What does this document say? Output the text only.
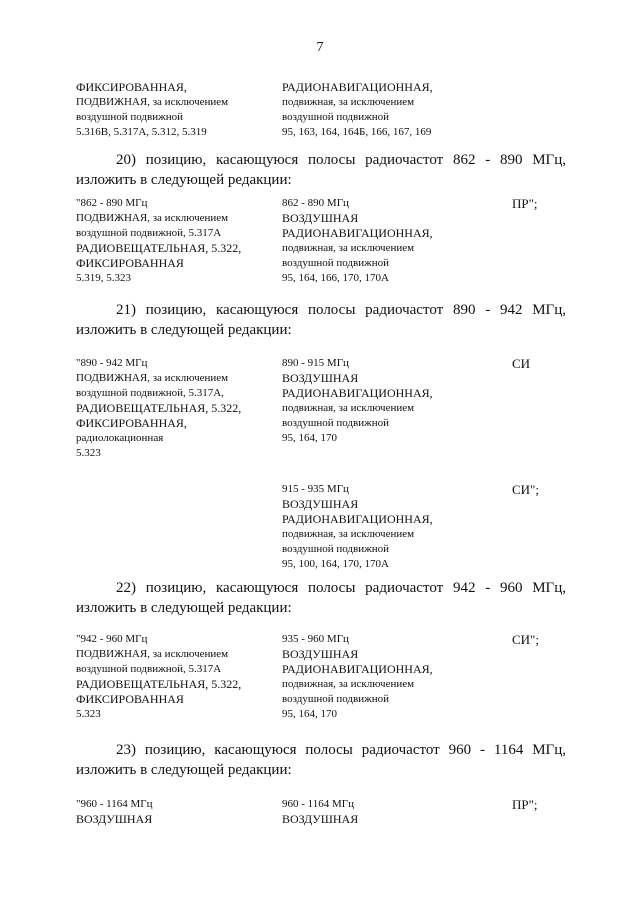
7
ФИКСИРОВАННАЯ,
ПОДВИЖНАЯ, за исключением
воздушной подвижной
5.316В, 5.317А, 5.312, 5.319
РАДИОНАВИГАЦИОННАЯ,
подвижная, за исключением
воздушной подвижной
95, 163, 164, 164Б, 166, 167, 169
20) позицию, касающуюся полосы радиочастот 862 - 890 МГц,
изложить в следующей редакции:
"862 - 890 МГц
ПОДВИЖНАЯ, за исключением
воздушной подвижной, 5.317А
РАДИОВЕЩАТЕЛЬНАЯ, 5.322,
ФИКСИРОВАННАЯ
5.319, 5.323
862 - 890 МГц
ВОЗДУШНАЯ
РАДИОНАВИГАЦИОННАЯ,
подвижная, за исключением
воздушной подвижной
95, 164, 166, 170, 170А
ПР";
21) позицию, касающуюся полосы радиочастот 890 - 942 МГц,
изложить в следующей редакции:
"890 - 942 МГц
ПОДВИЖНАЯ, за исключением
воздушной подвижной, 5.317А,
РАДИОВЕЩАТЕЛЬНАЯ, 5.322,
ФИКСИРОВАННАЯ,
радиолокационная
5.323
890 - 915 МГц
ВОЗДУШНАЯ
РАДИОНАВИГАЦИОННАЯ,
подвижная, за исключением
воздушной подвижной
95, 164, 170
СИ
915 - 935 МГц
ВОЗДУШНАЯ
РАДИОНАВИГАЦИОННАЯ,
подвижная, за исключением
воздушной подвижной
95, 100, 164, 170, 170А
СИ";
22) позицию, касающуюся полосы радиочастот 942 - 960 МГц,
изложить в следующей редакции:
"942 - 960 МГц
ПОДВИЖНАЯ, за исключением
воздушной подвижной, 5.317А
РАДИОВЕЩАТЕЛЬНАЯ, 5.322,
ФИКСИРОВАННАЯ
5.323
935 - 960 МГц
ВОЗДУШНАЯ
РАДИОНАВИГАЦИОННАЯ,
подвижная, за исключением
воздушной подвижной
95, 164, 170
СИ";
23) позицию, касающуюся полосы радиочастот 960 - 1164 МГц,
изложить в следующей редакции:
"960 - 1164 МГц
ВОЗДУШНАЯ
960 - 1164 МГц
ВОЗДУШНАЯ
ПР";
